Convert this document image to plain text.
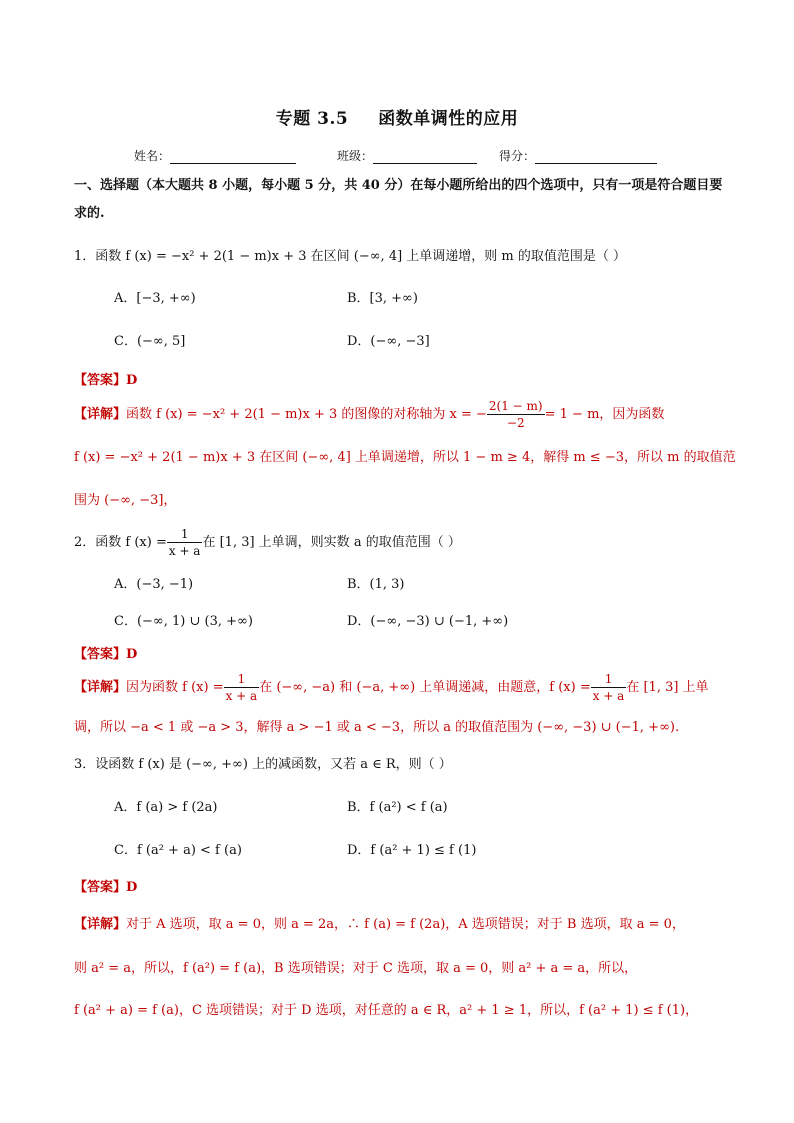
专题 3.5 函数单调性的应用
姓名：	班级：	得分：
一、选择题（本大题共 8 小题，每小题 5 分，共 40 分）在每小题所给出的四个选项中，只有一项是符合题目要求的.
1．函数 f (x) = −x² + 2(1 − m)x + 3 在区间 (−∞, 4] 上单调递增，则 m 的取值范围是（ ）
A．[−3, +∞)	B．[3, +∞)
C．(−∞, 5]	D．(−∞, −3]
【答案】D
【详解】函数 f (x) = −x² + 2(1 − m)x + 3 的图像的对称轴为 x = − $\frac{2(1 - m)}{-2} = 1 - m$，因为函数
f (x) = −x² + 2(1 − m)x + 3 在区间 (−∞, 4] 上单调递增，所以 1 − m ≥ 4，解得 m ≤ −3，所以 m 的取值范
围为 (−∞, −3]，
2．函数 f $(x) = \frac{1}{x + a}$ 在 [1, 3] 上单调，则实数 a 的取值范围（ ）
A．(−3, −1)	B．(1, 3)
C．(−∞, 1) ∪ (3, +∞)	D．(−∞, −3) ∪ (−1, +∞)
【答案】D
【详解】因为函数 f $(x) = \frac{1}{x + a}$ 在 (−∞, −a) 和 (−a, +∞) 上单调递减，由题意，f $(x) = \frac{1}{x + a}$ 在 [1, 3] 上单
调，所以 −a < 1 或 −a > 3，解得 a > −1 或 a < −3，所以 a 的取值范围为 (−∞, −3) ∪ (−1, +∞).
3．设函数 f (x) 是 (−∞, +∞) 上的减函数，又若 a ∈ R，则（ ）
A．f (a) > f (2a)	B．f (a²) < f (a)
C．f (a² + a) < f (a)	D．f (a² + 1) ≤ f (1)
【答案】D
【详解】对于 A 选项，取 a = 0，则 a = 2a，∴ f (a) = f (2a)，A 选项错误；对于 B 选项，取 a = 0，
则 a² = a，所以，f (a²) = f (a)，B 选项错误；对于 C 选项，取 a = 0，则 a² + a = a，所以，
f (a² + a) = f (a)，C 选项错误；对于 D 选项，对任意的 a ∈ R，a² + 1 ≥ 1，所以，f (a² + 1) ≤ f (1)，
